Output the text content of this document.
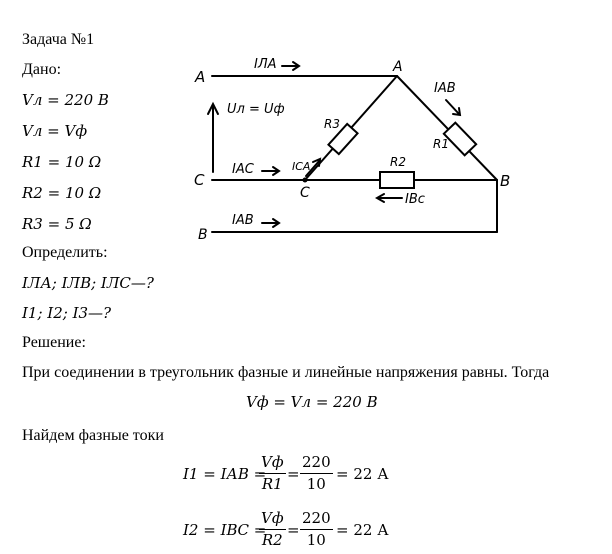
Задача №1
Дано:
Vл = 220 В
Vл = Vф
R1 = 10 Ω
R2 = 10 Ω
R3 = 5 Ω
Определить:
IЛА; IЛВ; IЛС—?
I1; I2; I3—?
Решение:
При соединении в треугольник фазные и линейные напряжения равны. Тогда
Vф = Vл = 220 В
Найдем фазные токи
I1 = IАВ =
Vф
R1
=
220
10
= 22 А
I2 = IВС =
Vф
R2
=
220
10
= 22 А
A
C
B
A
C
B
IЛА
IАВ
IАС	ICA
IВс
IАВ
Uл = Uф
R3
R1
R2
